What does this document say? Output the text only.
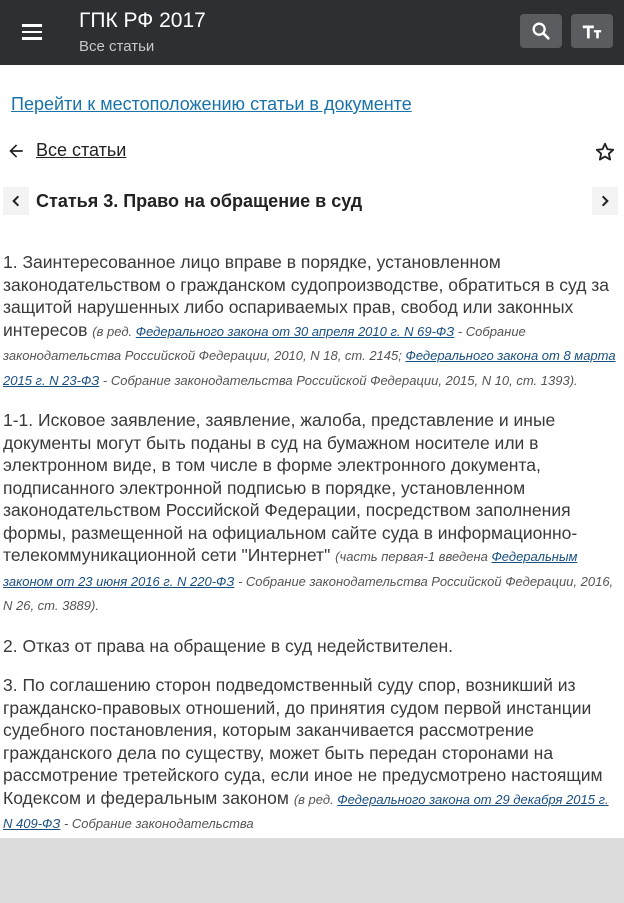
ГПК РФ 2017
Все статьи
Перейти к местоположению статьи в документе
Все статьи
Статья 3. Право на обращение в суд

1. Заинтересованное лицо вправе в порядке, установленном законодательством о гражданском судопроизводстве, обратиться в суд за защитой нарушенных либо оспариваемых прав, свобод или законных интересов (в ред. Федерального закона от 30 апреля 2010 г. N 69-ФЗ - Собрание законодательства Российской Федерации, 2010, N 18, ст. 2145; Федерального закона от 8 марта 2015 г. N 23-ФЗ - Собрание законодательства Российской Федерации, 2015, N 10, ст. 1393).

1-1. Исковое заявление, заявление, жалоба, представление и иные документы могут быть поданы в суд на бумажном носителе или в электронном виде, в том числе в форме электронного документа, подписанного электронной подписью в порядке, установленном законодательством Российской Федерации, посредством заполнения формы, размещенной на официальном сайте суда в информационно-телекоммуникационной сети "Интернет" (часть первая-1 введена Федеральным законом от 23 июня 2016 г. N 220-ФЗ - Собрание законодательства Российской Федерации, 2016, N 26, ст. 3889).

2. Отказ от права на обращение в суд недействителен.

3. По соглашению сторон подведомственный суду спор, возникший из гражданско-правовых отношений, до принятия судом первой инстанции судебного постановления, которым заканчивается рассмотрение гражданского дела по существу, может быть передан сторонами на рассмотрение третейского суда, если иное не предусмотрено настоящим Кодексом и федеральным законом (в ред. Федерального закона от 29 декабря 2015 г. N 409-ФЗ - Собрание законодательства
